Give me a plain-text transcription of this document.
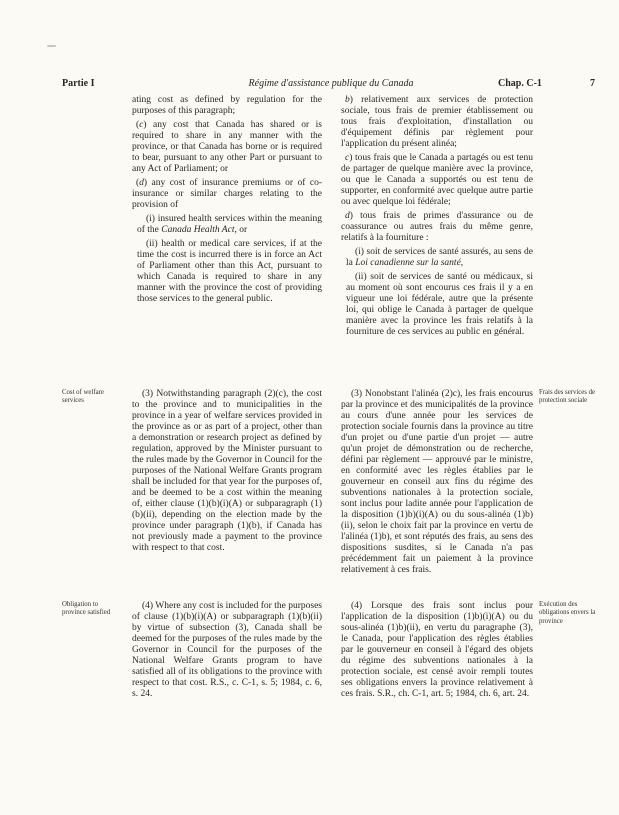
Partie I	Régime d'assistance publique du Canada	Chap. C-1	7

ating cost as defined by regulation for the purposes of this paragraph;

(c) any cost that Canada has shared or is required to share in any manner with the province, or that Canada has borne or is required to bear, pursuant to any other Part or pursuant to any Act of Parliament; or

(d) any cost of insurance premiums or of co-insurance or similar charges relating to the provision of

(i) insured health services within the meaning of the Canada Health Act, or

(ii) health or medical care services, if at the time the cost is incurred there is in force an Act of Parliament other than this Act, pursuant to which Canada is required to share in any manner with the province the cost of providing those services to the general public.

b) relativement aux services de protection sociale, tous frais de premier établissement ou tous frais d'exploitation, d'installation ou d'équipement définis par règlement pour l'application du présent alinéa;

c) tous frais que le Canada a partagés ou est tenu de partager de quelque manière avec la province, ou que le Canada a supportés ou est tenu de supporter, en conformité avec quelque autre partie ou avec quelque loi fédérale;

d) tous frais de primes d'assurance ou de coassurance ou autres frais du même genre, relatifs à la fourniture :

(i) soit de services de santé assurés, au sens de la Loi canadienne sur la santé,

(ii) soit de services de santé ou médicaux, si au moment où sont encourus ces frais il y a en vigueur une loi fédérale, autre que la présente loi, qui oblige le Canada à partager de quelque manière avec la province les frais relatifs à la fourniture de ces services au public en général.

Cost of welfare services

(3) Notwithstanding paragraph (2)(c), the cost to the province and to municipalities in the province in a year of welfare services provided in the province as or as part of a project, other than a demonstration or research project as defined by regulation, approved by the Minister pursuant to the rules made by the Governor in Council for the purposes of the National Welfare Grants program shall be included for that year for the purposes of, and be deemed to be a cost within the meaning of, either clause (1)(b)(i)(A) or subparagraph (1)(b)(ii), depending on the election made by the province under paragraph (1)(b), if Canada has not previously made a payment to the province with respect to that cost.

(3) Nonobstant l'alinéa (2)c), les frais encourus par la province et des municipalités de la province au cours d'une année pour les services de protection sociale fournis dans la province au titre d'un projet ou d'une partie d'un projet — autre qu'un projet de démonstration ou de recherche, défini par règlement — approuvé par le ministre, en conformité avec les règles établies par le gouverneur en conseil aux fins du régime des subventions nationales à la protection sociale, sont inclus pour ladite année pour l'application de la disposition (1)b)(i)(A) ou du sous-alinéa (1)b)(ii), selon le choix fait par la province en vertu de l'alinéa (1)b), et sont réputés des frais, au sens des dispositions susdites, si le Canada n'a pas précédemment fait un paiement à la province relativement à ces frais.

Frais des services de protection sociale
Obligation to province satisfied

(4) Where any cost is included for the purposes of clause (1)(b)(i)(A) or subparagraph (1)(b)(ii) by virtue of subsection (3), Canada shall be deemed for the purposes of the rules made by the Governor in Council for the purposes of the National Welfare Grants program to have satisfied all of its obligations to the province with respect to that cost. R.S., c. C-1, s. 5; 1984, c. 6, s. 24.

(4) Lorsque des frais sont inclus pour l'application de la disposition (1)b)(i)(A) ou du sous-alinéa (1)b)(ii), en vertu du paragraphe (3), le Canada, pour l'application des règles établies par le gouverneur en conseil à l'égard des objets du régime des subventions nationales à la protection sociale, est censé avoir rempli toutes ses obligations envers la province relativement à ces frais. S.R., ch. C-1, art. 5; 1984, ch. 6, art. 24.

Exécution des obligations envers la province
